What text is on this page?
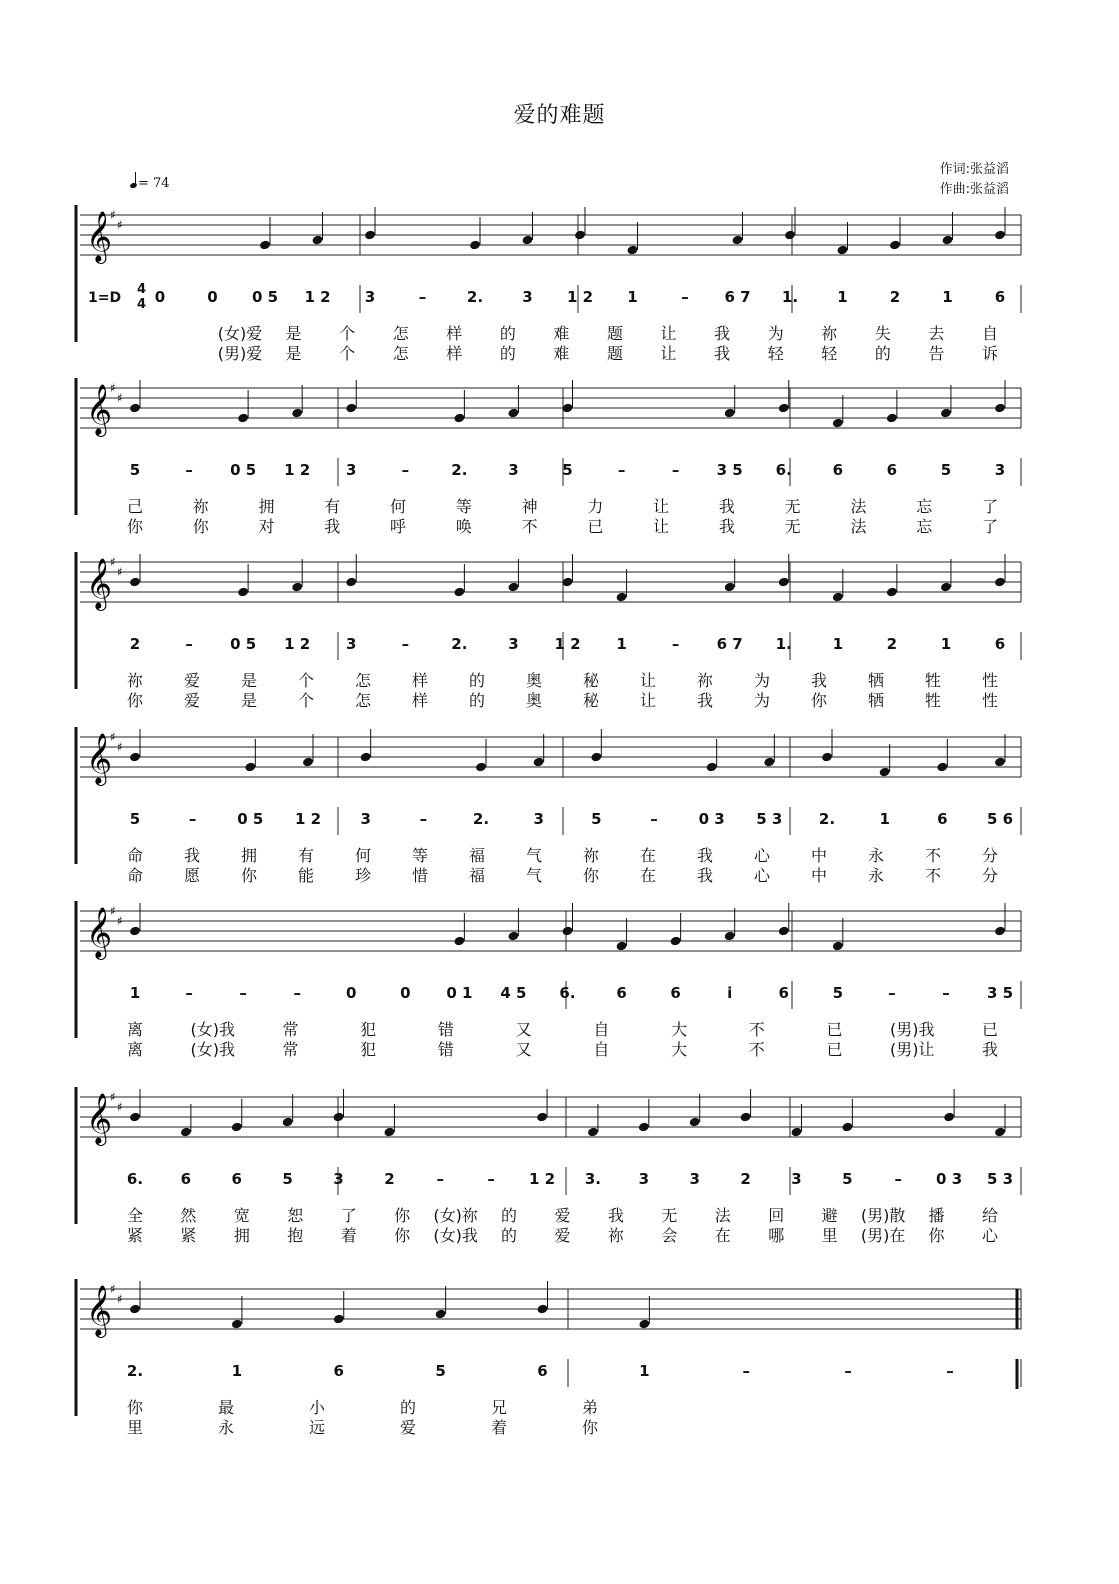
爱的难题
作词:张益滔
作曲:张益滔
= 74
𝄞
♯
♯
𝄞
♯
♯
𝄞
♯
♯
𝄞
♯
♯
𝄞
♯
♯
𝄞
♯
♯
𝄞
♯
♯
1=D
4
4 0	0 0 5 1 2 3	–	2.	3 1 2 1	– 6 7 1.	1	2	1	6
(女)爱 是 个 怎 样 的 难 题 让 我 为 祢 失 去 自
(男)爱 是 个 怎 样 的 难 题 让 我 轻 轻 的 告 诉
5	– 0 5 1 2 3	–	2.	3	5	–	– 3 5 6.	6	6	5	3
己	祢	拥	有	何	等	神	力	让	我	无	法	忘	了
你	你	对	我	呼	唤	不	已	让	我	无	法	忘	了
2	– 0 5 1 2 3	–	2.	3 1 2 1	– 6 7 1.	1	2	1	6
祢	爱	是	个	怎	样	的	奥	秘	让	祢	为	我	牺	牲	性
你	爱	是	个	怎	样	的	奥	秘	让	我	为	你	牺	牲	性
5	–	0 5 1 2	3	–	2.	3	5	–	0 3 5 3 2.	1	6	5 6
命	我	拥	有	何	等	福	气	祢	在	我	心	中	永	不	分
命	愿	你	能	珍	惜	福	气	你	在	我	心	中	永	不	分
1	–	–	–	0	0 0 1 4 5 6.	6	6	i	6	5	–	– 3 5
离	(女)我	常	犯	错	又	自	大	不	已	(男)我	已
离	(女)我	常	犯	错	又	自	大	不	已	(男)让	我
6.	6	6	5	3	2	–	– 1 2 3.	3	3	2	3	5	– 0 3 5 3
全 然 宽 恕 了 你 (女)祢 的 爱 我 无 法 回 避 (男)散 播 给
紧 紧 拥 抱 着 你 (女)我 的 爱 祢 会 在 哪 里 (男)在 你 心
2.	1	6	5	6	1	–	–	–
你	最	小	的	兄	弟
里	永	远	爱	着	你
